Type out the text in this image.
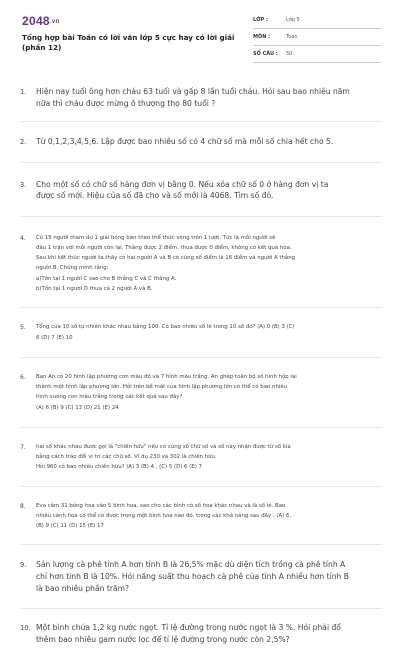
2048.vn
Tổng hợp bài Toán có lời văn lớp 5 cực hay có lời giải (phần 12)
LỚP :	Lớp 5
MÔN :	Toán
SỐ CÂU :	50
1.	Hiện nay tuổi ông hơn cháu 63 tuổi và gấp 8 lần tuổi cháu. Hỏi sau bao nhiêu năm
nữa thì cháu được mừng ô thượng thọ 80 tuổi ?
2.	Từ 0,1,2,3,4,5,6. Lập được bao nhiêu số có 4 chữ số mà mỗi số chia hết cho 5.
3.	Cho một số có chữ số hàng đơn vị bằng 0. Nếu xóa chữ số 0 ở hàng đơn vị ta
được số mới. Hiệu của số đã cho và số mới là 4068. Tìm số đó.
4.	Có 15 người tham dự 1 giải bóng bàn theo thể thức vòng tròn 1 lượt. Tức là mỗi người sẽ
đấu 1 trận với mỗi người còn lại. Thắng được 2 điểm, thua được 0 điểm, không có kết quả hòa.
Sau khi kết thúc người ta thấy có hai người A và B có cùng số điểm là 16 điểm và người A thắng
người B. Chứng minh rằng:
a)Tồn tại 1 người C sao cho B thắng C và C thắng A.
b)Tồn tại 1 người D thua cả 2 người A và B.
5.	Tổng của 10 số tự nhiên khác nhau bằng 100. Có bao nhiêu số lẻ trong 10 số đó? (A) 0 (B) 3 (C)
6 (D) 7 (E) 10
6.	Bạn An có 20 hình lập phương con màu đỏ và 7 hình màu trắng. An ghép toàn bộ số hình hộp lại
thành một hình lập phương lớn. Hỏi trên bề mặt của hình lập phương lớn có thể có bao nhiêu
hình vuông con màu trắng trong các kết quả sau đây?
(A) 6 (B) 9 (C) 13 (D) 21 (E) 24
7.	hai số khác nhau được gọi là "chiến hữu" nếu có cùng số chữ số và số này nhận được từ số kia
bằng cách tráo đổi vị trí các chữ số. Ví dụ 230 và 302 là chiến hữu.
Hỏi 960 có bao nhiêu chiến hữu? (A) 3 (B) 4 , (C) 5 (D) 6 (E) 7
8.	Eva cắm 31 bông hoa vào 5 bình hoa, sao cho các bình có số hoa khác nhau và là số lẻ. Bao
nhiêu cành hoa có thể có được trong một bình hoa nào đó, trong các khả năng sau đây : (A) 6,
(B) 9 (C) 11 (D) 15 (E) 17
9.	Sản lượng cà phê tỉnh A hơn tỉnh B là 26,5% mặc dù diện tích trồng cà phê tỉnh A
chỉ hơn tỉnh B là 10%. Hỏi năng suất thu hoạch cà phê của tỉnh A nhiều hơn tỉnh B
là bao nhiêu phần trăm?
10. Một bình chứa 1,2 kg nước ngọt. Tỉ lệ đường trong nước ngọt là 3 %. Hỏi phải đổ
thêm bao nhiêu gam nước lọc để tỉ lệ đường trong nước còn 2,5%?
